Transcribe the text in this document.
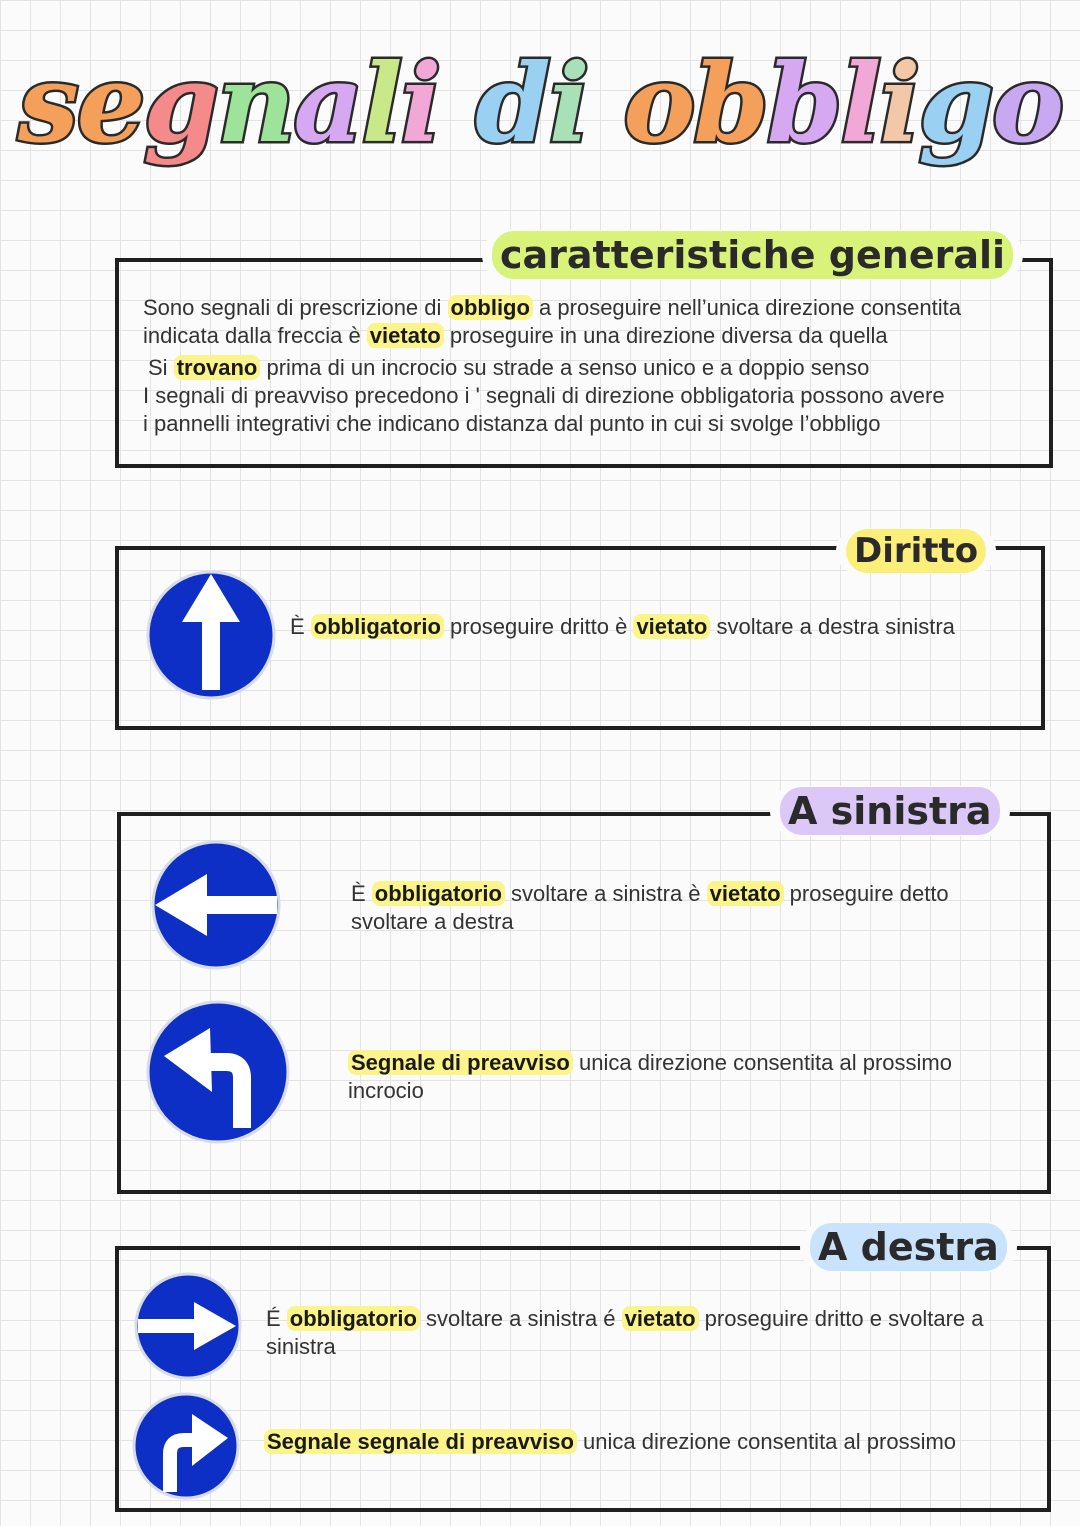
segnali di obbligo
caratteristiche generali
Sono segnali di prescrizione di obbligo a proseguire nell’unica direzione consentita
indicata dalla freccia è vietato proseguire in una direzione diversa da quella
Si trovano prima di un incrocio su strade a senso unico e a doppio senso
I segnali di preavviso precedono i ' segnali di direzione obbligatoria possono avere
i pannelli integrativi che indicano distanza dal punto in cui si svolge l’obbligo
Diritto
È obbligatorio proseguire dritto è vietato svoltare a destra sinistra
A sinistra
È obbligatorio svoltare a sinistra è vietato proseguire detto
svoltare a destra
Segnale di preavviso unica direzione consentita al prossimo
incrocio
A destra
É obbligatorio svoltare a sinistra é vietato proseguire dritto e svoltare a
sinistra
Segnale segnale di preavviso unica direzione consentita al prossimo
